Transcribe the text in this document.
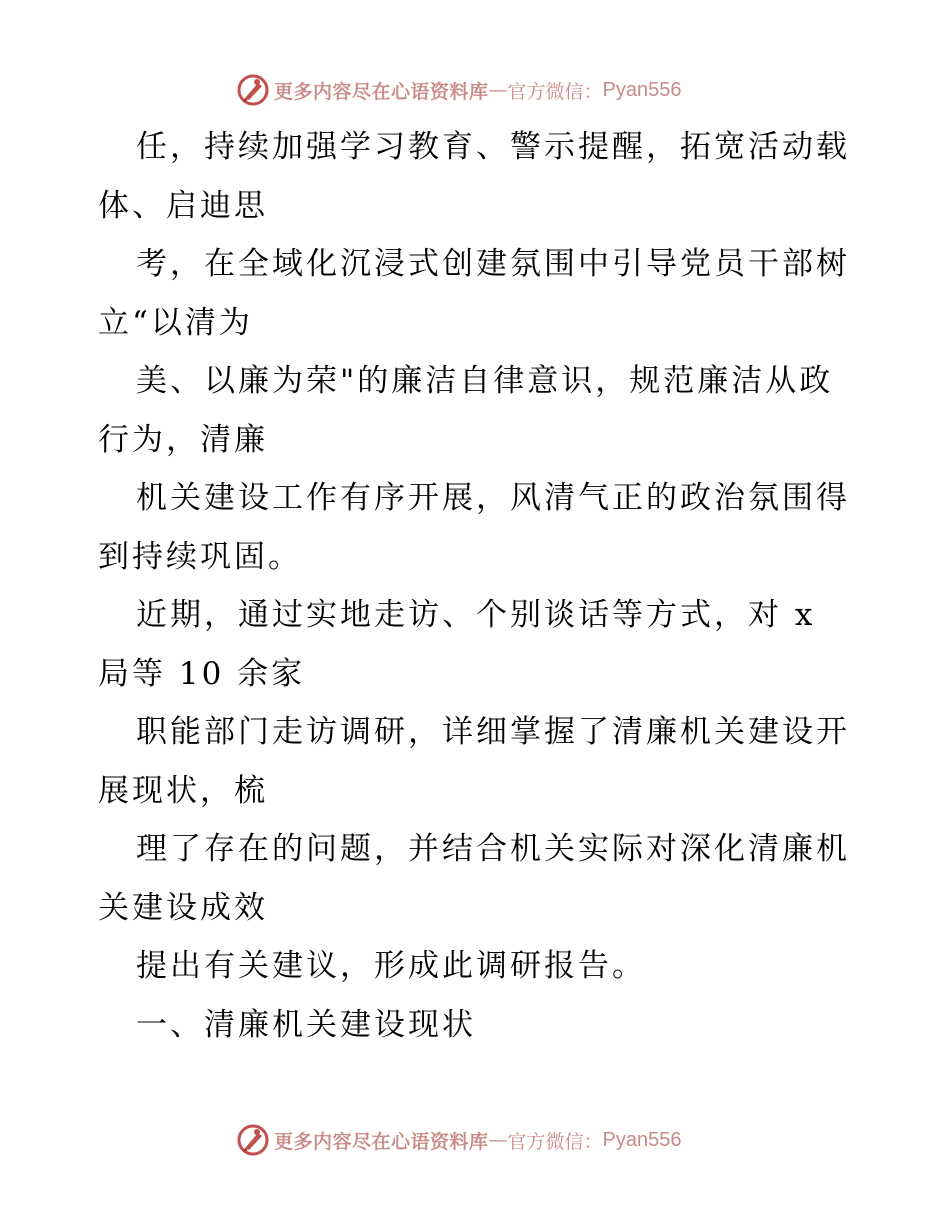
更多内容尽在心语资料库 — 官方微信： Pyan556
任，持续加强学习教育、警示提醒，拓宽活动载
体、启迪思
考，在全域化沉浸式创建氛围中引导党员干部树
立“以清为
美、以廉为荣"的廉洁自律意识，规范廉洁从政
行为，清廉
机关建设工作有序开展，风清气正的政治氛围得
到持续巩固。
近期，通过实地走访、个别谈话等方式，对 x
局等 10 余家
职能部门走访调研，详细掌握了清廉机关建设开
展现状，梳
理了存在的问题，并结合机关实际对深化清廉机
关建设成效
提出有关建议，形成此调研报告。
一、清廉机关建设现状
更多内容尽在心语资料库 — 官方微信： Pyan556
